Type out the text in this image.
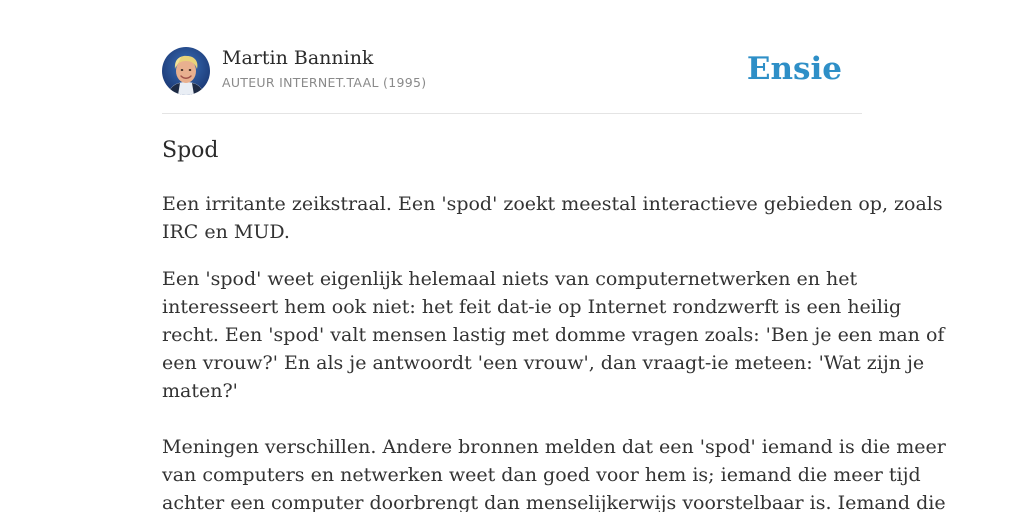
Martin Bannink
AUTEUR INTERNET.TAAL (1995)	Ensie
Spod

Een irritante zeikstraal. Een 'spod' zoekt meestal interactieve gebieden op, zoals

IRC en MUD.

Een 'spod' weet eigenlijk helemaal niets van computernetwerken en het

interesseert hem ook niet: het feit dat-ie op Internet rondzwerft is een heilig

recht. Een 'spod' valt mensen lastig met domme vragen zoals: 'Ben je een man of

een vrouw?' En als je antwoordt 'een vrouw', dan vraagt-ie meteen: 'Wat zijn je

maten?'

Meningen verschillen. Andere bronnen melden dat een 'spod' iemand is die meer

van computers en netwerken weet dan goed voor hem is; iemand die meer tijd

achter een computer doorbrengt dan menselijkerwijs voorstelbaar is. Iemand die
